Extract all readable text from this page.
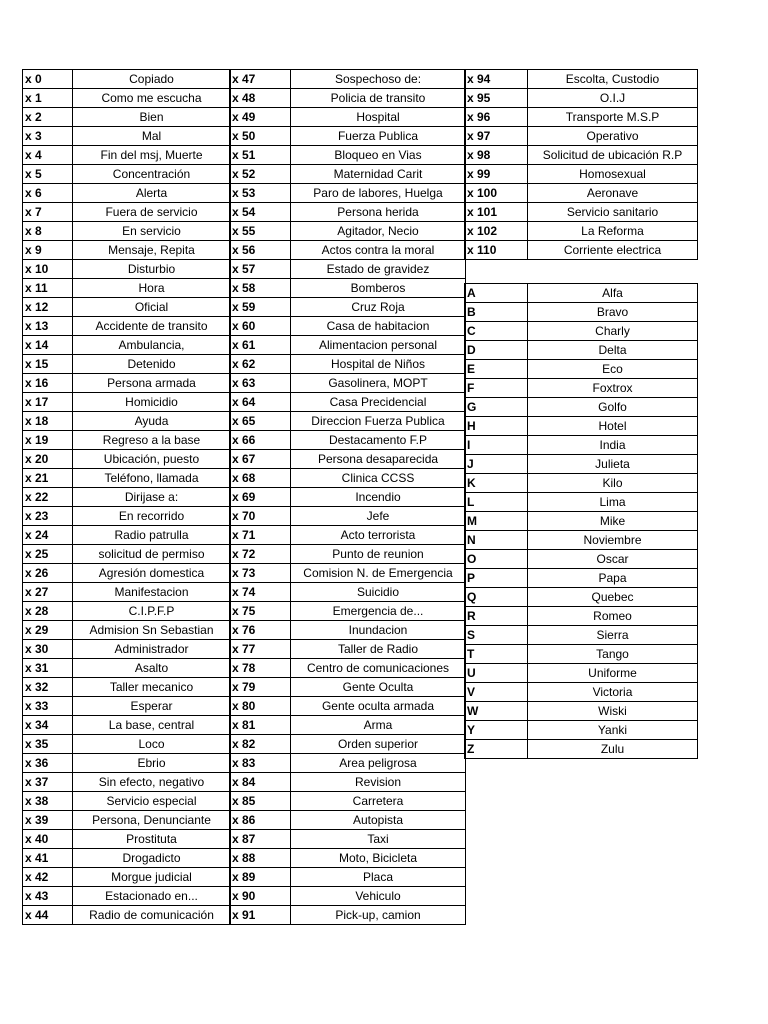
x 0	Copiado
x 1	Como me escucha
x 2	Bien
x 3	Mal
x 4	Fin del msj, Muerte
x 5	Concentración
x 6	Alerta
x 7	Fuera de servicio
x 8	En servicio
x 9	Mensaje, Repita
x 10	Disturbio
x 11	Hora
x 12	Oficial
x 13	Accidente de transito
x 14	Ambulancia,
x 15	Detenido
x 16	Persona armada
x 17	Homicidio
x 18	Ayuda
x 19	Regreso a la base
x 20	Ubicación, puesto
x 21	Teléfono, llamada
x 22	Dirijase a:
x 23	En recorrido
x 24	Radio patrulla
x 25	solicitud de permiso
x 26	Agresión domestica
x 27	Manifestacion
x 28	C.I.P.F.P
x 29	Admision Sn Sebastian
x 30	Administrador
x 31	Asalto
x 32	Taller mecanico
x 33	Esperar
x 34	La base, central
x 35	Loco
x 36	Ebrio
x 37	Sin efecto, negativo
x 38	Servicio especial
x 39	Persona, Denunciante
x 40	Prostituta
x 41	Drogadicto
x 42	Morgue judicial
x 43	Estacionado en...
x 44	Radio de comunicación
x 47	Sospechoso de:
x 48	Policia de transito
x 49	Hospital
x 50	Fuerza Publica
x 51	Bloqueo en Vias
x 52	Maternidad Carit
x 53	Paro de labores, Huelga
x 54	Persona herida
x 55	Agitador, Necio
x 56	Actos contra la moral
x 57	Estado de gravidez
x 58	Bomberos
x 59	Cruz Roja
x 60	Casa de habitacion
x 61	Alimentacion personal
x 62	Hospital de Niños
x 63	Gasolinera, MOPT
x 64	Casa Precidencial
x 65	Direccion Fuerza Publica
x 66	Destacamento F.P
x 67	Persona desaparecida
x 68	Clinica CCSS
x 69	Incendio
x 70	Jefe
x 71	Acto terrorista
x 72	Punto de reunion
x 73	Comision N. de Emergencia
x 74	Suicidio
x 75	Emergencia de...
x 76	Inundacion
x 77	Taller de Radio
x 78	Centro de comunicaciones
x 79	Gente Oculta
x 80	Gente oculta armada
x 81	Arma
x 82	Orden superior
x 83	Area peligrosa
x 84	Revision
x 85	Carretera
x 86	Autopista
x 87	Taxi
x 88	Moto, Bicicleta
x 89	Placa
x 90	Vehiculo
x 91	Pick-up, camion
x 94	Escolta, Custodio
x 95	O.I.J
x 96	Transporte M.S.P
x 97	Operativo
x 98	Solicitud de ubicación R.P
x 99	Homosexual
x 100	Aeronave
x 101	Servicio sanitario
x 102	La Reforma
x 110	Corriente electrica
A	Alfa
B	Bravo
C	Charly
D	Delta
E	Eco
F	Foxtrox
G	Golfo
H	Hotel
I	India
J	Julieta
K	Kilo
L	Lima
M	Mike
N	Noviembre
O	Oscar
P	Papa
Q	Quebec
R	Romeo
S	Sierra
T	Tango
U	Uniforme
V	Victoria
W	Wiski
Y	Yanki
Z	Zulu
